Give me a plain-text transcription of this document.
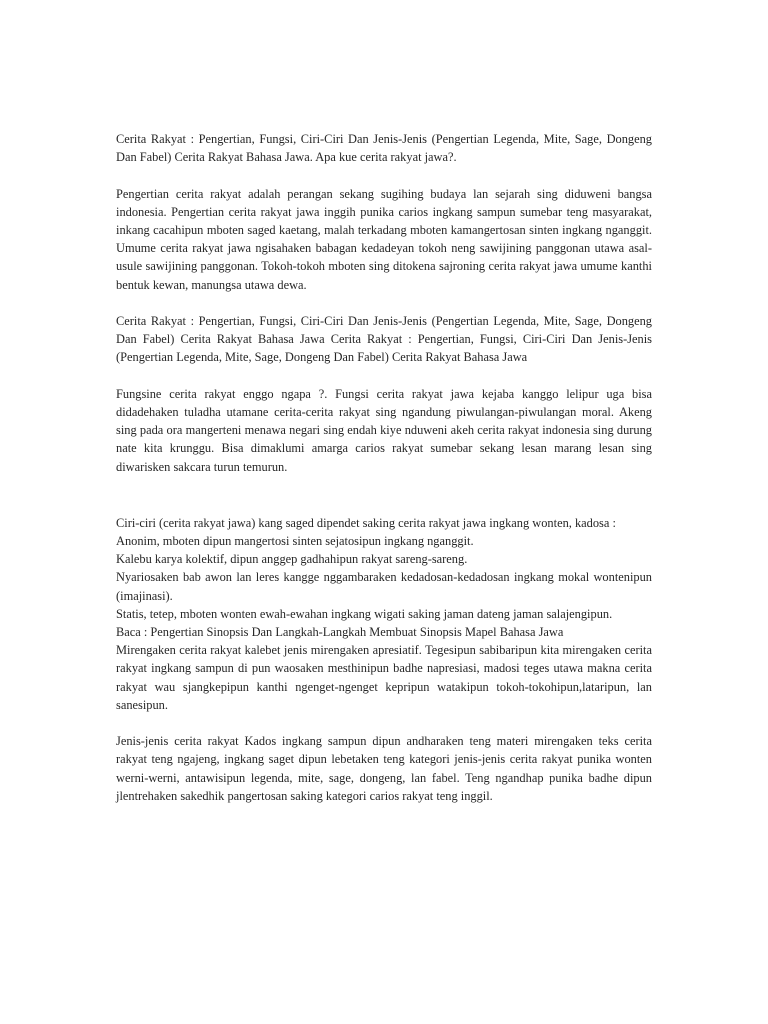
Cerita Rakyat : Pengertian, Fungsi, Ciri-Ciri Dan Jenis-Jenis (Pengertian Legenda, Mite, Sage, Dongeng Dan Fabel) Cerita Rakyat Bahasa Jawa. Apa kue cerita rakyat jawa?.

Pengertian cerita rakyat adalah perangan sekang sugihing budaya lan sejarah sing diduweni bangsa indonesia. Pengertian cerita rakyat jawa inggih punika carios ingkang sampun sumebar teng masyarakat, inkang cacahipun mboten saged kaetang, malah terkadang mboten kamangertosan sinten ingkang nganggit. Umume cerita rakyat jawa ngisahaken babagan kedadeyan tokoh neng sawijining panggonan utawa asal-usule sawijining panggonan. Tokoh-tokoh mboten sing ditokena sajroning cerita rakyat jawa umume kanthi bentuk kewan, manungsa utawa dewa.

Cerita Rakyat : Pengertian, Fungsi, Ciri-Ciri Dan Jenis-Jenis (Pengertian Legenda, Mite, Sage, Dongeng Dan Fabel) Cerita Rakyat Bahasa Jawa Cerita Rakyat : Pengertian, Fungsi, Ciri-Ciri Dan Jenis-Jenis (Pengertian Legenda, Mite, Sage, Dongeng Dan Fabel) Cerita Rakyat Bahasa Jawa

Fungsine cerita rakyat enggo ngapa ?. Fungsi cerita rakyat jawa kejaba kanggo lelipur uga bisa didadehaken tuladha utamane cerita-cerita rakyat sing ngandung piwulangan-piwulangan moral. Akeng sing pada ora mangerteni menawa negari sing endah kiye nduweni akeh cerita rakyat indonesia sing durung nate kita krunggu. Bisa dimaklumi amarga carios rakyat sumebar sekang lesan marang lesan sing diwarisken sakcara turun temurun.

Ciri-ciri (cerita rakyat jawa) kang saged dipendet saking cerita rakyat jawa ingkang wonten, kadosa :

Anonim, mboten dipun mangertosi sinten sejatosipun ingkang nganggit.

Kalebu karya kolektif, dipun anggep gadhahipun rakyat sareng-sareng.

Nyariosaken bab awon lan leres kangge nggambaraken kedadosan-kedadosan ingkang mokal wontenipun (imajinasi).

Statis, tetep, mboten wonten ewah-ewahan ingkang wigati saking jaman dateng jaman salajengipun.

Baca : Pengertian Sinopsis Dan Langkah-Langkah Membuat Sinopsis Mapel Bahasa Jawa

Mirengaken cerita rakyat kalebet jenis mirengaken apresiatif. Tegesipun sabibaripun kita mirengaken cerita rakyat ingkang sampun di pun waosaken mesthinipun badhe napresiasi, madosi teges utawa makna cerita rakyat wau sjangkepipun kanthi ngenget-ngenget kepripun watakipun tokoh-tokohipun,lataripun, lan sanesipun.

Jenis-jenis cerita rakyat Kados ingkang sampun dipun andharaken teng materi mirengaken teks cerita rakyat teng ngajeng, ingkang saget dipun lebetaken teng kategori jenis-jenis cerita rakyat punika wonten werni-werni, antawisipun legenda, mite, sage, dongeng, lan fabel. Teng ngandhap punika badhe dipun jlentrehaken sakedhik pangertosan saking kategori carios rakyat teng inggil.
